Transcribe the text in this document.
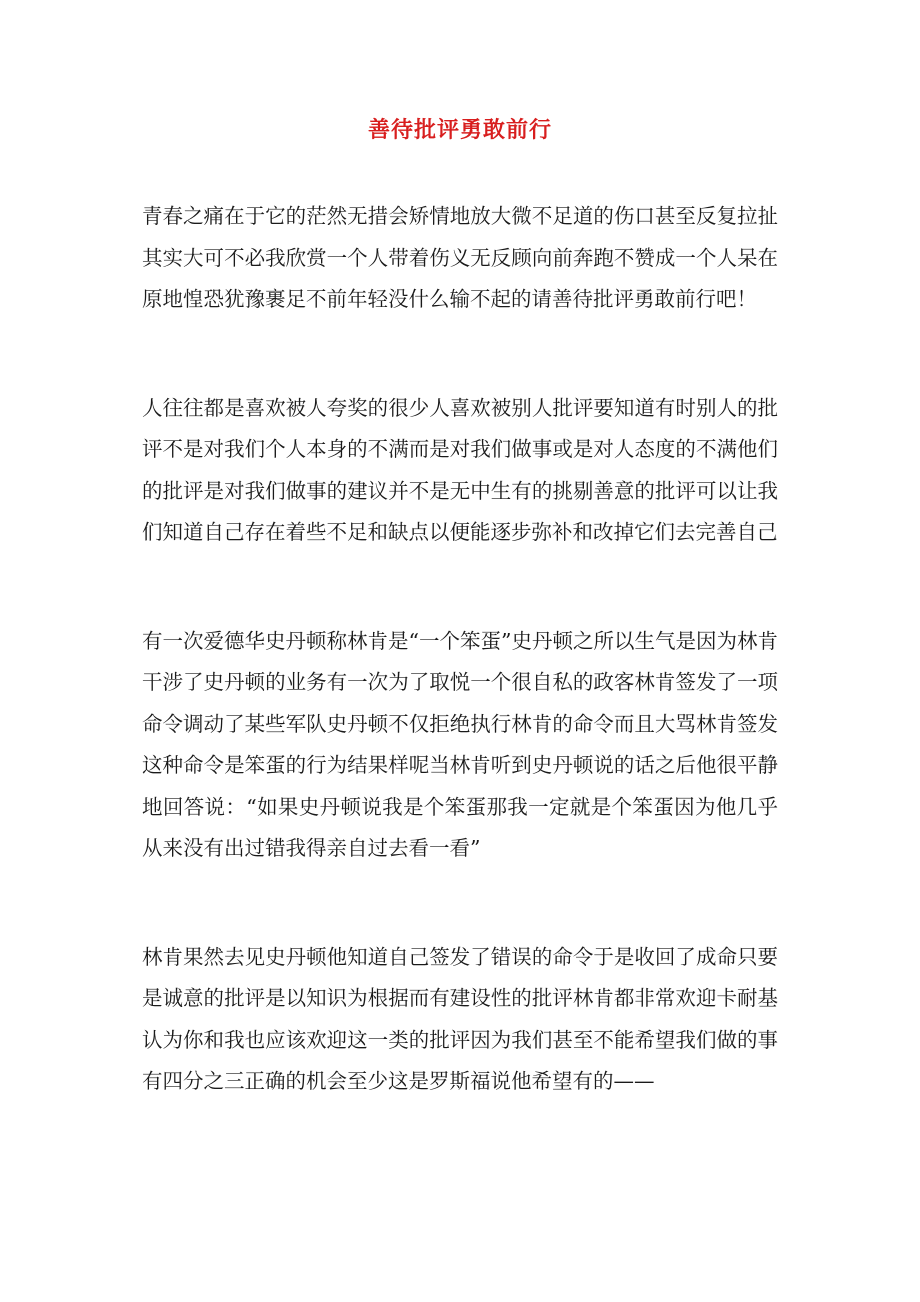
善待批评勇敢前行

青春之痛在于它的茫然无措会矫情地放大微不足道的伤口甚至反复拉扯其实大可不必我欣赏一个人带着伤义无反顾向前奔跑不赞成一个人呆在原地惶恐犹豫裹足不前年轻没什么输不起的请善待批评勇敢前行吧！

人往往都是喜欢被人夸奖的很少人喜欢被别人批评要知道有时别人的批评不是对我们个人本身的不满而是对我们做事或是对人态度的不满他们的批评是对我们做事的建议并不是无中生有的挑剔善意的批评可以让我们知道自己存在着些不足和缺点以便能逐步弥补和改掉它们去完善自己

有一次爱德华史丹顿称林肯是“一个笨蛋”史丹顿之所以生气是因为林肯干涉了史丹顿的业务有一次为了取悦一个很自私的政客林肯签发了一项命令调动了某些军队史丹顿不仅拒绝执行林肯的命令而且大骂林肯签发这种命令是笨蛋的行为结果样呢当林肯听到史丹顿说的话之后他很平静地回答说：“如果史丹顿说我是个笨蛋那我一定就是个笨蛋因为他几乎从来没有出过错我得亲自过去看一看”

林肯果然去见史丹顿他知道自己签发了错误的命令于是收回了成命只要是诚意的批评是以知识为根据而有建设性的批评林肯都非常欢迎卡耐基认为你和我也应该欢迎这一类的批评因为我们甚至不能希望我们做的事有四分之三正确的机会至少这是罗斯福说他希望有的——
